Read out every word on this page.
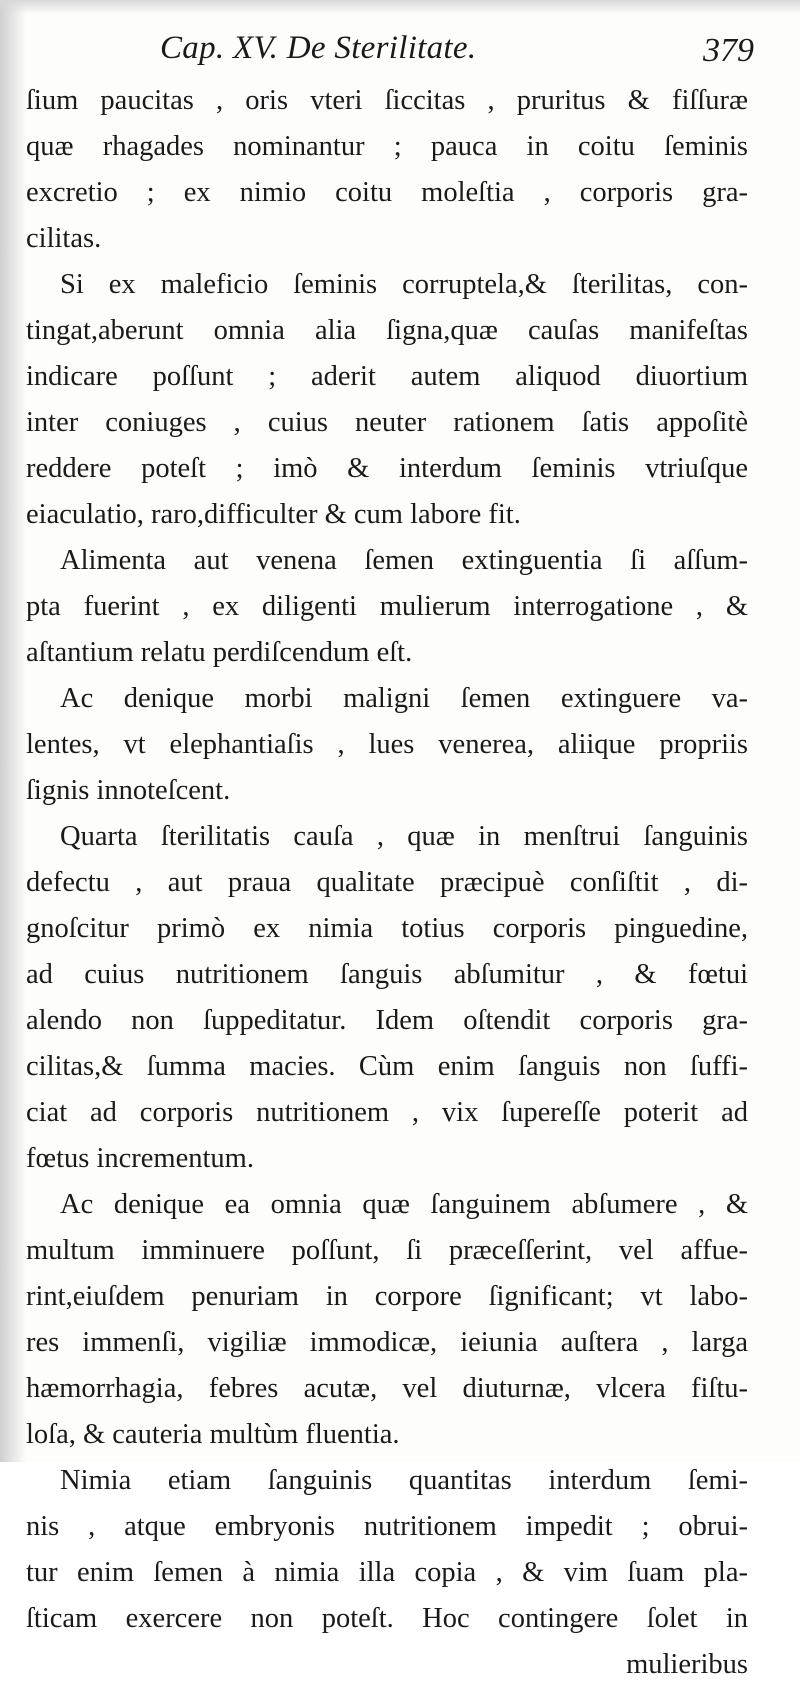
Cap. XV. De Sterilitate.	379
ſium paucitas , oris vteri ſiccitas , pruritus & fiſſuræ
quæ rhagades nominantur ; pauca in coitu ſeminis
excretio ; ex nimio coitu moleſtia , corporis gra-
cilitas.
Si ex maleficio ſeminis corruptela,& ſterilitas, con-
tingat,aberunt omnia alia ſigna,quæ cauſas manifeſtas
indicare poſſunt ; aderit autem aliquod diuortium
inter coniuges , cuius neuter rationem ſatis appoſitè
reddere poteſt ; imò & interdum ſeminis vtriuſque
eiaculatio, raro,difficulter & cum labore fit.
Alimenta aut venena ſemen extinguentia ſi aſſum-
pta fuerint , ex diligenti mulierum interrogatione , &
aſtantium relatu perdiſcendum eſt.
Ac denique morbi maligni ſemen extinguere va-
lentes, vt elephantiaſis , lues venerea, aliique propriis
ſignis innoteſcent.
Quarta ſterilitatis cauſa , quæ in menſtrui ſanguinis
defectu , aut praua qualitate præcipuè conſiſtit , di-
gnoſcitur primò ex nimia totius corporis pinguedine,
ad cuius nutritionem ſanguis abſumitur , & fœtui
alendo non ſuppeditatur. Idem oſtendit corporis gra-
cilitas,& ſumma macies. Cùm enim ſanguis non ſuffi-
ciat ad corporis nutritionem , vix ſupereſſe poterit ad
fœtus incrementum.
Ac denique ea omnia quæ ſanguinem abſumere , &
multum imminuere poſſunt, ſi præceſſerint, vel affue-
rint,eiuſdem penuriam in corpore ſignificant; vt labo-
res immenſi, vigiliæ immodicæ, ieiunia auſtera , larga
hæmorrhagia, febres acutæ, vel diuturnæ, vlcera fiſtu-
loſa, & cauteria multùm fluentia.
Nimia etiam ſanguinis quantitas interdum ſemi-
nis , atque embryonis nutritionem impedit ; obrui-
tur enim ſemen à nimia illa copia , & vim ſuam pla-
ſticam exercere non poteſt. Hoc contingere ſolet in
mulieribus
